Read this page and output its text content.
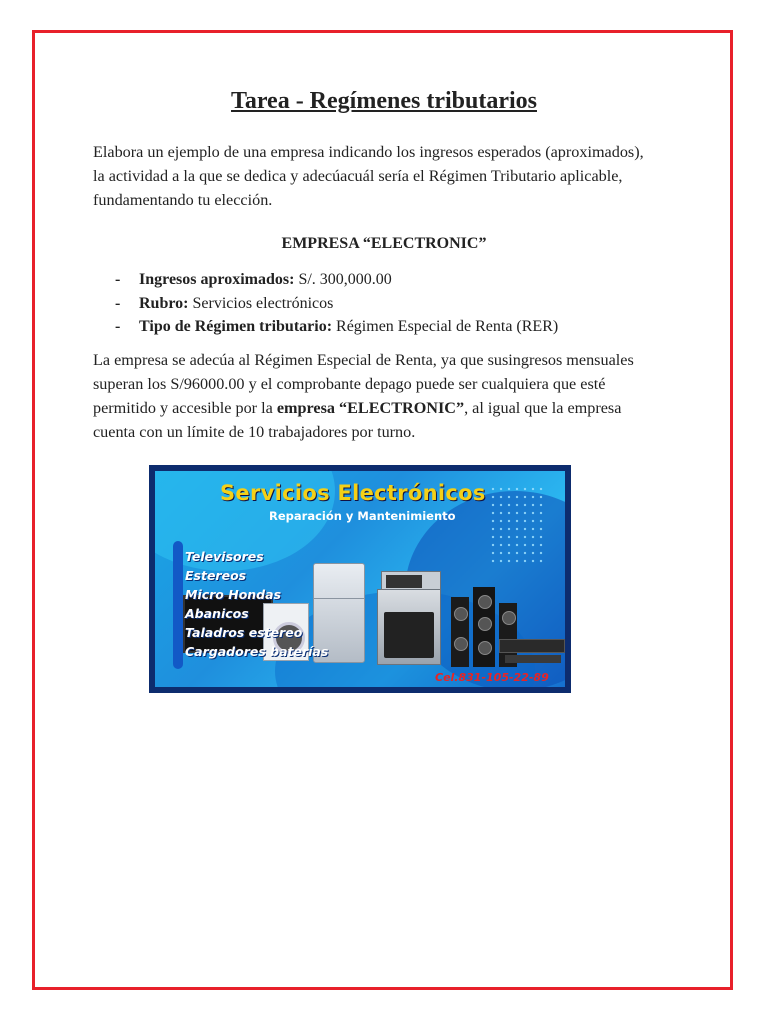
Tarea - Regímenes tributarios

Elabora un ejemplo de una empresa indicando los ingresos esperados (aproximados), la actividad a la que se dedica y adecúacuál sería el Régimen Tributario aplicable, fundamentando tu elección.

EMPRESA “ELECTRONIC”
- Ingresos aproximados: S/. 300,000.00
- Rubro: Servicios electrónicos
- Tipo de Régimen tributario: Régimen Especial de Renta (RER)

La empresa se adecúa al Régimen Especial de Renta, ya que susingresos mensuales superan los S/96000.00 y el comprobante depago puede ser cualquiera que esté permitido y accesible por la empresa “ELECTRONIC”, al igual que la empresa cuenta con un límite de 10 trabajadores por turno.

Servicios Electrónicos
Reparación y Mantenimiento
Televisores
Estereos
Micro Hondas
Abanicos
Taladros estereo
Cargadores baterías
Cel.831-105-22-89
